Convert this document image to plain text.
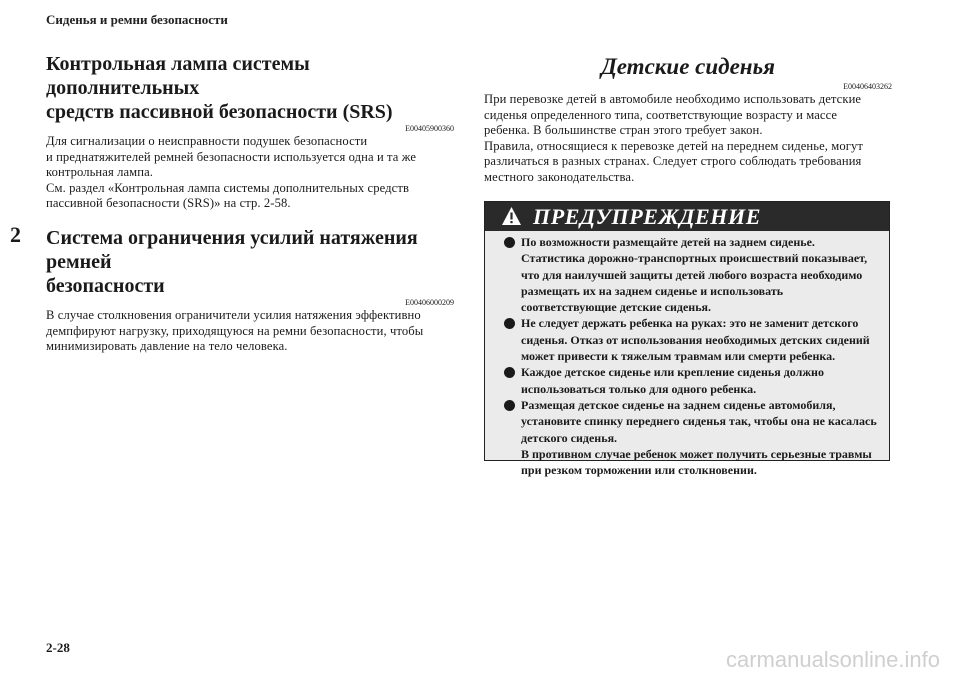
Сиденья и ремни безопасности
2
2-28
Контрольная лампа системы дополнительных
средств пассивной безопасности (SRS)
E00405900360

Для сигнализации о неисправности подушек безопасности
и преднатяжителей ремней безопасности используется одна и та же
контрольная лампа.
См. раздел «Контрольная лампа системы дополнительных средств
пассивной безопасности (SRS)» на стр. 2-58.

Система ограничения усилий натяжения ремней
безопасности
E00406000209

В случае столкновения ограничители усилия натяжения эффективно
демпфируют нагрузку, приходящуюся на ремни безопасности, чтобы
минимизировать давление на тело человека.

Детские сиденья
E00406403262

При перевозке детей в автомобиле необходимо использовать детские
сиденья определенного типа, соответствующие возрасту и массе
ребенка. В большинстве стран этого требует закон.
Правила, относящиеся к перевозке детей на переднем сиденье, могут
различаться в разных странах. Следует строго соблюдать требования
местного законодательства.

ПРЕДУПРЕЖДЕНИЕ
По возможности размещайте детей на заднем сиденье.
Статистика дорожно-транспортных происшествий показывает,
что для наилучшей защиты детей любого возраста необходимо
размещать их на заднем сиденье и использовать
соответствующие детские сиденья.
Не следует держать ребенка на руках: это не заменит детского
сиденья. Отказ от использования необходимых детских сидений
может привести к тяжелым травмам или смерти ребенка.
Каждое детское сиденье или крепление сиденья должно
использоваться только для одного ребенка.
Размещая детское сиденье на заднем сиденье автомобиля,
установите спинку переднего сиденья так, чтобы она не касалась
детского сиденья.
В противном случае ребенок может получить серьезные травмы
при резком торможении или столкновении.
carmanualsonline.info
